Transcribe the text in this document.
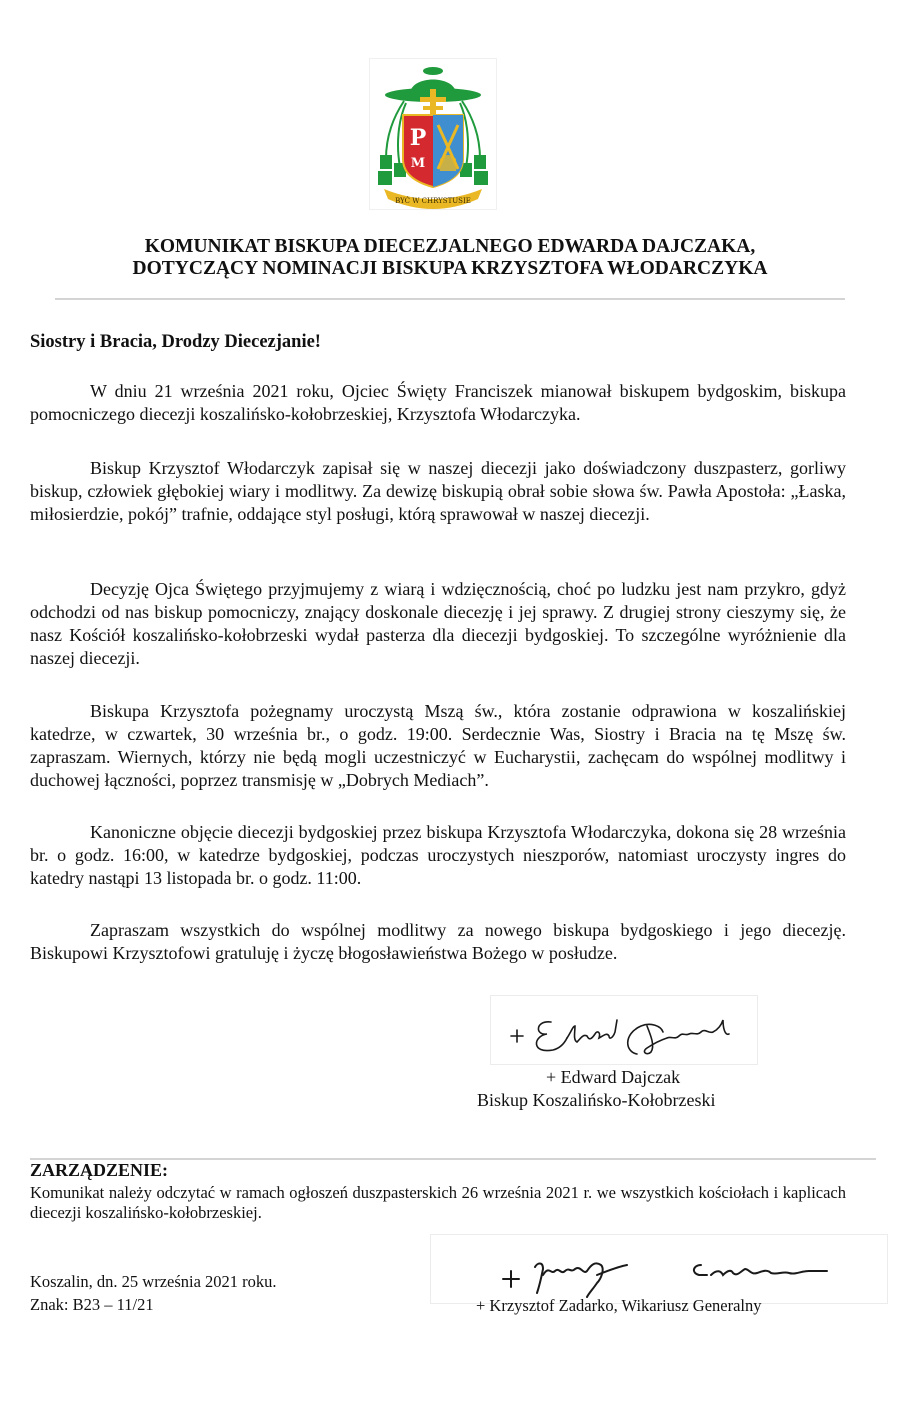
P
M
BYĆ W CHRYSTUSIE
KOMUNIKAT BISKUPA DIECEZJALNEGO EDWARDA DAJCZAKA,
DOTYCZĄCY NOMINACJI BISKUPA KRZYSZTOFA WŁODARCZYKA
Siostry i Bracia, Drodzy Diecezjanie!
W dniu 21 września 2021 roku, Ojciec Święty Franciszek mianował biskupem bydgoskim, biskupa pomocniczego diecezji koszalińsko-kołobrzeskiej, Krzysztofa Włodarczyka.
Biskup Krzysztof Włodarczyk zapisał się w naszej diecezji jako doświadczony duszpasterz, gorliwy biskup, człowiek głębokiej wiary i modlitwy. Za dewizę biskupią obrał sobie słowa św. Pawła Apostoła: „Łaska, miłosierdzie, pokój” trafnie, oddające styl posługi, którą sprawował w naszej diecezji.
Decyzję Ojca Świętego przyjmujemy z wiarą i wdzięcznością, choć po ludzku jest nam przykro, gdyż odchodzi od nas biskup pomocniczy, znający doskonale diecezję i jej sprawy. Z drugiej strony cieszymy się, że nasz Kościół koszalińsko-kołobrzeski wydał pasterza dla diecezji bydgoskiej. To szczególne wyróżnienie dla naszej diecezji.
Biskupa Krzysztofa pożegnamy uroczystą Mszą św., która zostanie odprawiona w koszalińskiej katedrze, w czwartek, 30 września br., o godz. 19:00. Serdecznie Was, Siostry i Bracia na tę Mszę św. zapraszam. Wiernych, którzy nie będą mogli uczestniczyć w Eucharystii, zachęcam do wspólnej modlitwy i duchowej łączności, poprzez transmisję w „Dobrych Mediach”.
Kanoniczne objęcie diecezji bydgoskiej przez biskupa Krzysztofa Włodarczyka, dokona się 28 września br. o godz. 16:00, w katedrze bydgoskiej, podczas uroczystych nieszporów, natomiast uroczysty ingres do katedry nastąpi 13 listopada br. o godz. 11:00.
Zapraszam wszystkich do wspólnej modlitwy za nowego biskupa bydgoskiego i jego diecezję. Biskupowi Krzysztofowi gratuluję i życzę błogosławieństwa Bożego w posłudze.
+ Edward Dajczak
Biskup Koszalińsko-Kołobrzeski
ZARZĄDZENIE:
Komunikat należy odczytać w ramach ogłoszeń duszpasterskich 26 września 2021 r. we wszystkich kościołach i kaplicach diecezji koszalińsko-kołobrzeskiej.
Koszalin, dn. 25 września 2021 roku.
Znak: B23 – 11/21	+ Krzysztof Zadarko, Wikariusz Generalny
